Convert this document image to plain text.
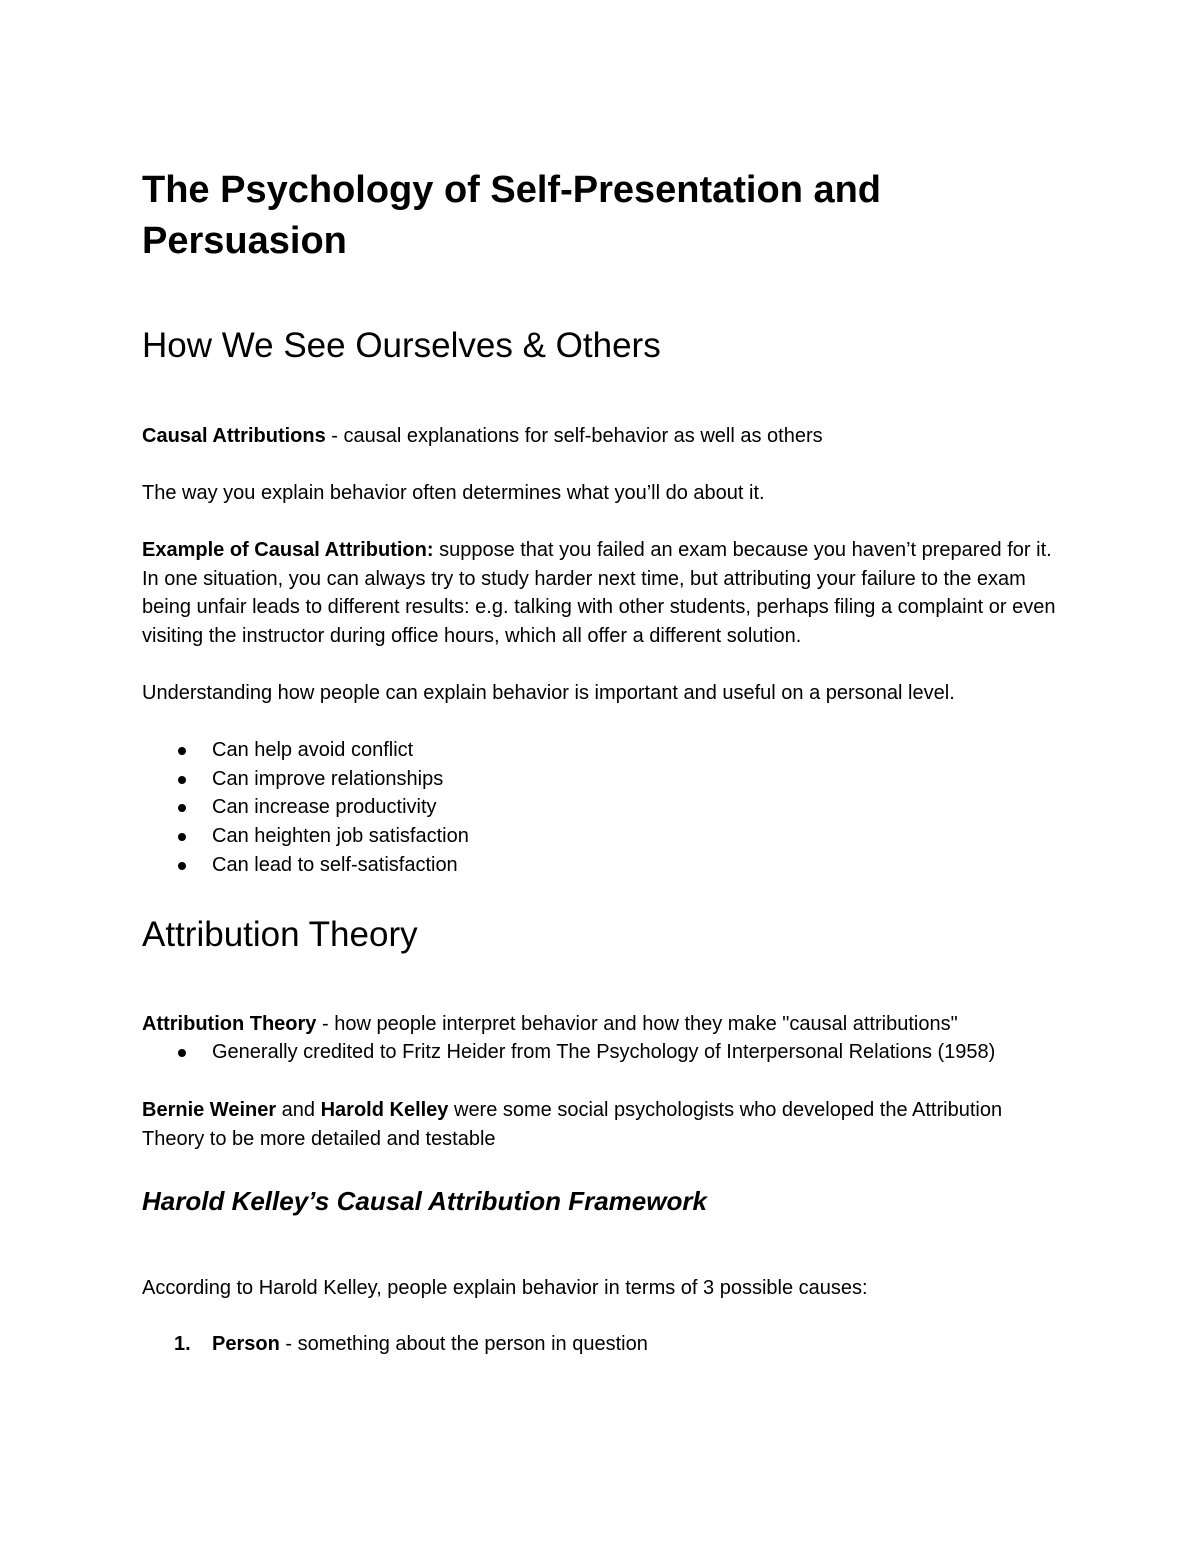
The Psychology of Self-Presentation and Persuasion
How We See Ourselves & Others

Causal Attributions - causal explanations for self-behavior as well as others

The way you explain behavior often determines what you’ll do about it.

Example of Causal Attribution: suppose that you failed an exam because you haven’t prepared for it. In one situation, you can always try to study harder next time, but attributing your failure to the exam being unfair leads to different results: e.g. talking with other students, perhaps filing a complaint or even visiting the instructor during office hours, which all offer a different solution.

Understanding how people can explain behavior is important and useful on a personal level.

Can help avoid conflict
Can improve relationships
Can increase productivity
Can heighten job satisfaction
Can lead to self-satisfaction
Attribution Theory

Attribution Theory - how people interpret behavior and how they make "causal attributions"

Generally credited to Fritz Heider from The Psychology of Interpersonal Relations (1958)

Bernie Weiner and Harold Kelley were some social psychologists who developed the Attribution Theory to be more detailed and testable

Harold Kelley’s Causal Attribution Framework

According to Harold Kelley, people explain behavior in terms of 3 possible causes:

1. Person - something about the person in question
